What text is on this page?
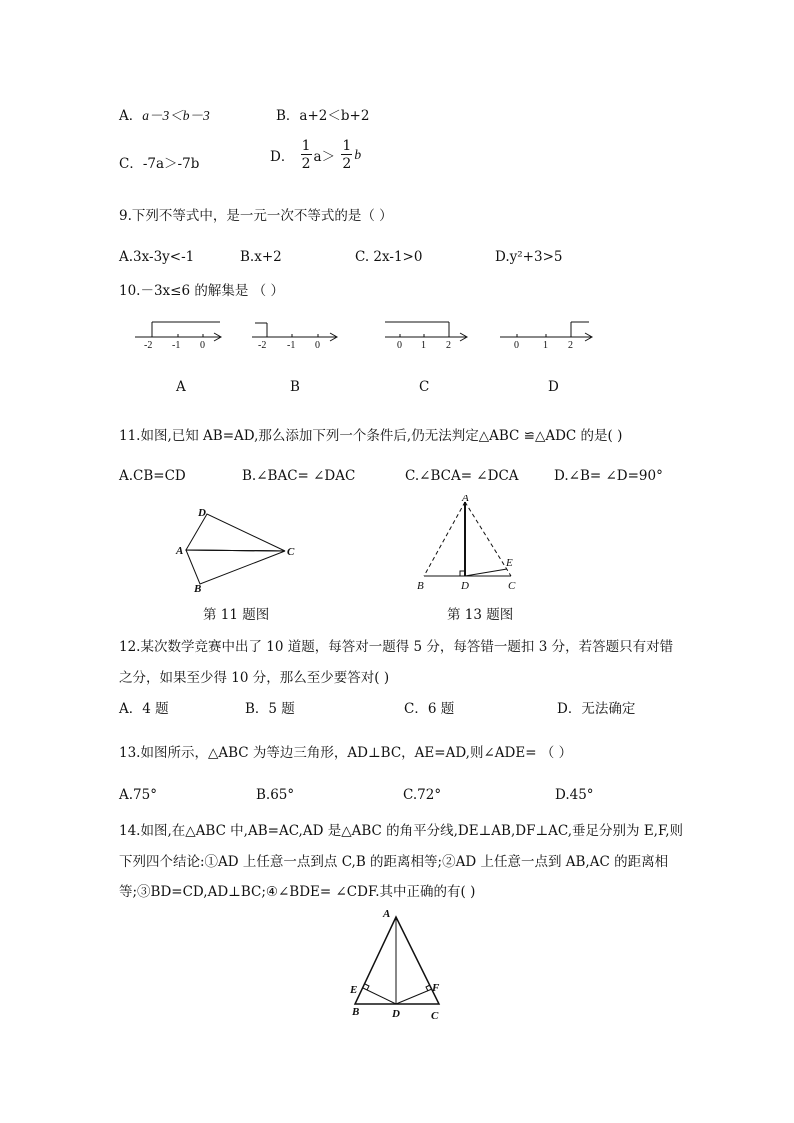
A．a－3＜b－3	B．a+2＜b+2
C．-7a＞-7b	D． $\frac{1}{2} a> \frac{1}{2}$ b
9.下列不等式中，是一元一次不等式的是（ ）
A.3x-3y<-1	B.x+2	C. 2x-1>0	D.y²+3>5
10.－3x≤6 的解集是 （ ）
-2 -1 0	-2 -1 0	0 1 2	0 1 2
A	B	C	D
11.如图,已知 AB=AD,那么添加下列一个条件后,仍无法判定△ABC ≌△ADC 的是( )
A.CB=CD	B.∠BAC= ∠DAC	C.∠BCA= ∠DCA	D.∠B= ∠D=90°
D
A	C
B
A
B	D
E
C
第 11 题图	第 13 题图
12.某次数学竞赛中出了 10 道题，每答对一题得 5 分，每答错一题扣 3 分，若答题只有对错
之分，如果至少得 10 分，那么至少要答对( )
A．4 题	B．5 题	C．6 题	D．无法确定
13.如图所示，△ABC 为等边三角形，AD⊥BC，AE=AD,则∠ADE= （ ）
A.75°	B.65°	C.72°	D.45°
14.如图,在△ABC 中,AB=AC,AD 是△ABC 的角平分线,DE⊥AB,DF⊥AC,垂足分别为 E,F,则
下列四个结论:①AD 上任意一点到点 C,B 的距离相等;②AD 上任意一点到 AB,AC 的距离相
等;③BD=CD,AD⊥BC;④∠BDE= ∠CDF.其中正确的有( )
A
E	F
B	D	C
